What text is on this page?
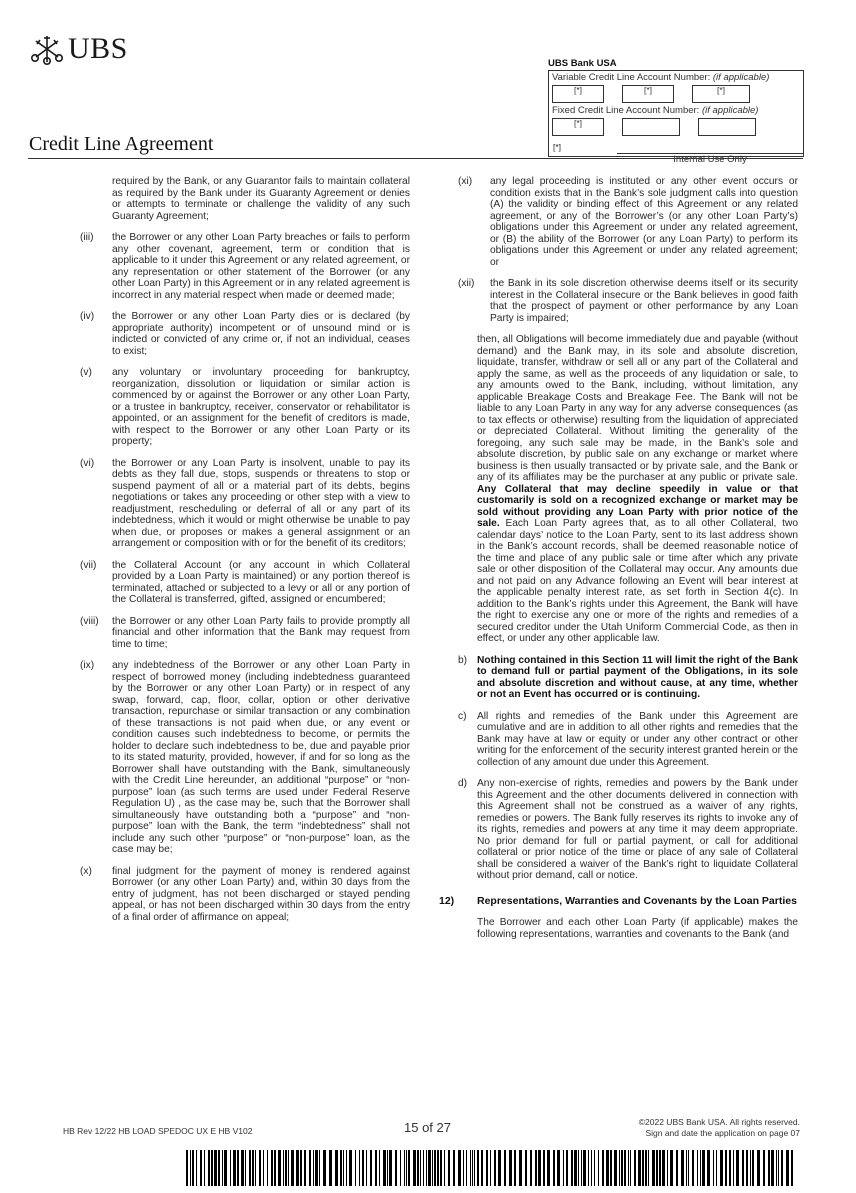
UBS
Credit Line Agreement
UBS Bank USA
Variable Credit Line Account Number: (if applicable)
[*]	[*]	[*]
Fixed Credit Line Account Number: (if applicable)
[*]
[*]
Internal Use Only
required by the Bank, or any Guarantor fails to maintain collateral as required by the Bank under its Guaranty Agreement or denies or attempts to terminate or challenge the validity of any such Guaranty Agreement;
(iii)	the Borrower or any other Loan Party breaches or fails to perform any other covenant, agreement, term or condition that is applicable to it under this Agreement or any related agreement, or any representation or other statement of the Borrower (or any other Loan Party) in this Agreement or in any related agreement is incorrect in any material respect when made or deemed made;
(iv)	the Borrower or any other Loan Party dies or is declared (by appropriate authority) incompetent or of unsound mind or is indicted or convicted of any crime or, if not an individual, ceases to exist;
(v)	any voluntary or involuntary proceeding for bankruptcy, reorganization, dissolution or liquidation or similar action is commenced by or against the Borrower or any other Loan Party, or a trustee in bankruptcy, receiver, conservator or rehabilitator is appointed, or an assignment for the benefit of creditors is made, with respect to the Borrower or any other Loan Party or its property;
(vi)	the Borrower or any Loan Party is insolvent, unable to pay its debts as they fall due, stops, suspends or threatens to stop or suspend payment of all or a material part of its debts, begins negotiations or takes any proceeding or other step with a view to readjustment, rescheduling or deferral of all or any part of its indebtedness, which it would or might otherwise be unable to pay when due, or proposes or makes a general assignment or an arrangement or composition with or for the benefit of its creditors;
(vii)	the Collateral Account (or any account in which Collateral provided by a Loan Party is maintained) or any portion thereof is terminated, attached or subjected to a levy or all or any portion of the Collateral is transferred, gifted, assigned or encumbered;
(viii)	the Borrower or any other Loan Party fails to provide promptly all financial and other information that the Bank may request from time to time;
(ix)	any indebtedness of the Borrower or any other Loan Party in respect of borrowed money (including indebtedness guaranteed by the Borrower or any other Loan Party) or in respect of any swap, forward, cap, floor, collar, option or other derivative transaction, repurchase or similar transaction or any combination of these transactions is not paid when due, or any event or condition causes such indebtedness to become, or permits the holder to declare such indebtedness to be, due and payable prior to its stated maturity, provided, however, if and for so long as the Borrower shall have outstanding with the Bank, simultaneously with the Credit Line hereunder, an additional “purpose” or “non-purpose” loan (as such terms are used under Federal Reserve Regulation U) , as the case may be, such that the Borrower shall simultaneously have outstanding both a “purpose” and “non-purpose” loan with the Bank, the term “indebtedness” shall not include any such other “purpose” or “non-purpose” loan, as the case may be;
(x)	final judgment for the payment of money is rendered against Borrower (or any other Loan Party) and, within 30 days from the entry of judgment, has not been discharged or stayed pending appeal, or has not been discharged within 30 days from the entry of a final order of affirmance on appeal;
(xi)	any legal proceeding is instituted or any other event occurs or condition exists that in the Bank’s sole judgment calls into question (A) the validity or binding effect of this Agreement or any related agreement, or any of the Borrower’s (or any other Loan Party’s) obligations under this Agreement or under any related agreement, or (B) the ability of the Borrower (or any Loan Party) to perform its obligations under this Agreement or under any related agreement; or
(xii)	the Bank in its sole discretion otherwise deems itself or its security interest in the Collateral insecure or the Bank believes in good faith that the prospect of payment or other performance by any Loan Party is impaired;
then, all Obligations will become immediately due and payable (without demand) and the Bank may, in its sole and absolute discretion, liquidate, transfer, withdraw or sell all or any part of the Collateral and apply the same, as well as the proceeds of any liquidation or sale, to any amounts owed to the Bank, including, without limitation, any applicable Breakage Costs and Breakage Fee. The Bank will not be liable to any Loan Party in any way for any adverse consequences (as to tax effects or otherwise) resulting from the liquidation of appreciated or depreciated Collateral. Without limiting the generality of the foregoing, any such sale may be made, in the Bank’s sole and absolute discretion, by public sale on any exchange or market where business is then usually transacted or by private sale, and the Bank or any of its affiliates may be the purchaser at any public or private sale. Any Collateral that may decline speedily in value or that customarily is sold on a recognized exchange or market may be sold without providing any Loan Party with prior notice of the sale. Each Loan Party agrees that, as to all other Collateral, two calendar days’ notice to the Loan Party, sent to its last address shown in the Bank’s account records, shall be deemed reasonable notice of the time and place of any public sale or time after which any private sale or other disposition of the Collateral may occur. Any amounts due and not paid on any Advance following an Event will bear interest at the applicable penalty interest rate, as set forth in Section 4(c). In addition to the Bank’s rights under this Agreement, the Bank will have the right to exercise any one or more of the rights and remedies of a secured creditor under the Utah Uniform Commercial Code, as then in effect, or under any other applicable law.
b) Nothing contained in this Section 11 will limit the right of the Bank to demand full or partial payment of the Obligations, in its sole and absolute discretion and without cause, at any time, whether or not an Event has occurred or is continuing.
c)	All rights and remedies of the Bank under this Agreement are cumulative and are in addition to all other rights and remedies that the Bank may have at law or equity or under any other contract or other writing for the enforcement of the security interest granted herein or the collection of any amount due under this Agreement.
d) Any non-exercise of rights, remedies and powers by the Bank under this Agreement and the other documents delivered in connection with this Agreement shall not be construed as a waiver of any rights, remedies or powers. The Bank fully reserves its rights to invoke any of its rights, remedies and powers at any time it may deem appropriate. No prior demand for full or partial payment, or call for additional collateral or prior notice of the time or place of any sale of Collateral shall be considered a waiver of the Bank’s right to liquidate Collateral without prior demand, call or notice.
12)	Representations, Warranties and Covenants by the Loan Parties
The Borrower and each other Loan Party (if applicable) makes the following representations, warranties and covenants to the Bank (and
HB Rev 12/22 HB LOAD SPEDOC UX E HB V102	15 of 27	©2022 UBS Bank USA. All rights reserved.
Sign and date the application on page 07
